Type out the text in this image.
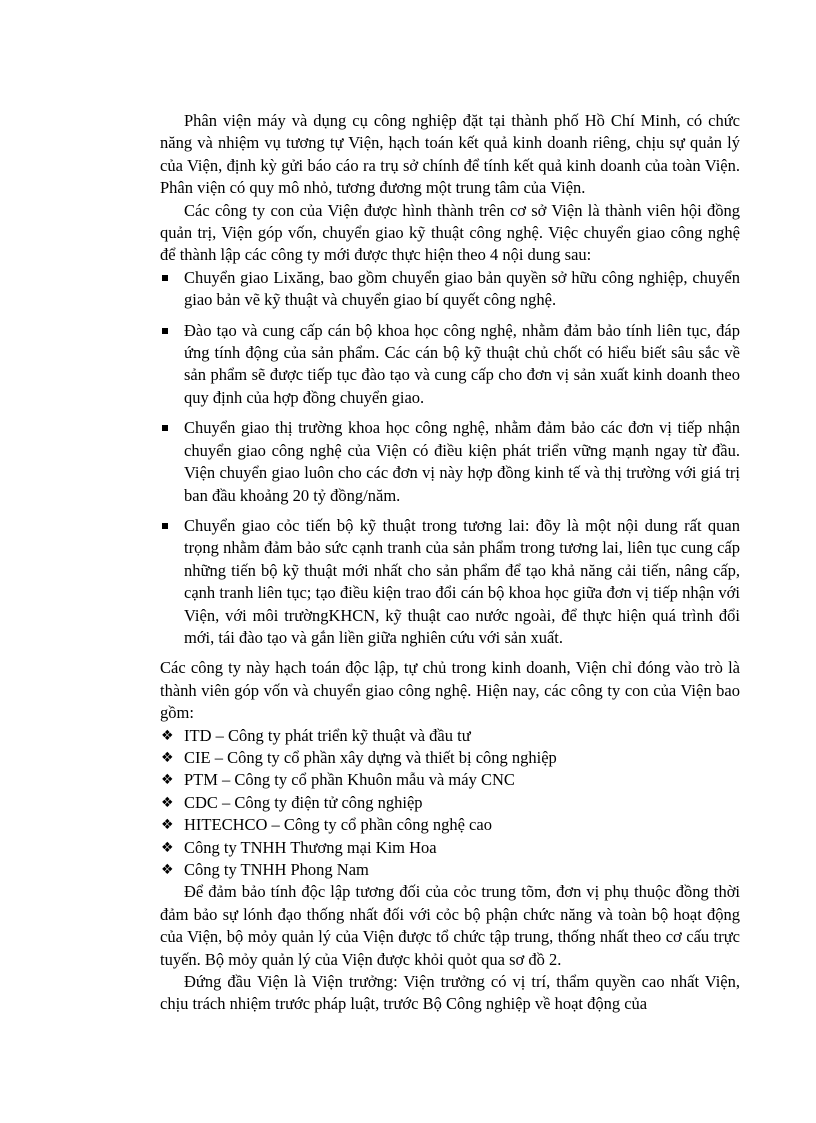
Phân viện máy và dụng cụ công nghiệp đặt tại thành phố Hồ Chí Minh, có chức năng và nhiệm vụ tương tự Viện, hạch toán kết quả kinh doanh riêng, chịu sự quản lý của Viện, định kỳ gửi báo cáo ra trụ sở chính để tính kết quả kinh doanh của toàn Viện. Phân viện có quy mô nhỏ, tương đương một trung tâm của Viện.

Các công ty con của Viện được hình thành trên cơ sở Viện là thành viên hội đồng quản trị, Viện góp vốn, chuyển giao kỹ thuật công nghệ. Việc chuyển giao công nghệ để thành lập các công ty mới được thực hiện theo 4 nội dung sau:

Chuyển giao Lixăng, bao gồm chuyển giao bản quyền sở hữu công nghiệp, chuyển giao bản vẽ kỹ thuật và chuyển giao bí quyết công nghệ.
Đào tạo và cung cấp cán bộ khoa học công nghệ, nhằm đảm bảo tính liên tục, đáp ứng tính động của sản phẩm. Các cán bộ kỹ thuật chủ chốt có hiểu biết sâu sắc về sản phẩm sẽ được tiếp tục đào tạo và cung cấp cho đơn vị sản xuất kinh doanh theo quy định của hợp đồng chuyển giao.
Chuyển giao thị trường khoa học công nghệ, nhằm đảm bảo các đơn vị tiếp nhận chuyển giao công nghệ của Viện có điều kiện phát triển vững mạnh ngay từ đầu. Viện chuyển giao luôn cho các đơn vị này hợp đồng kinh tế và thị trường với giá trị ban đầu khoảng 20 tỷ đồng/năm.
Chuyển giao cỏc tiến bộ kỹ thuật trong tương lai: đõy là một nội dung rất quan trọng nhằm đảm bảo sức cạnh tranh của sản phẩm trong tương lai, liên tục cung cấp những tiến bộ kỹ thuật mới nhất cho sản phẩm để tạo khả năng cải tiến, nâng cấp, cạnh tranh liên tục; tạo điều kiện trao đổi cán bộ khoa học giữa đơn vị tiếp nhận với Viện, với môi trườngKHCN, kỹ thuật cao nước ngoài, để thực hiện quá trình đổi mới, tái đào tạo và gắn liền giữa nghiên cứu với sản xuất.

Các công ty này hạch toán độc lập, tự chủ trong kinh doanh, Viện chỉ đóng vào trò là thành viên góp vốn và chuyển giao công nghệ. Hiện nay, các công ty con của Viện bao gồm:

❖ ITD – Công ty phát triển kỹ thuật và đầu tư
❖ CIE – Công ty cổ phần xây dựng và thiết bị công nghiệp
❖ PTM – Công ty cổ phần Khuôn mẫu và máy CNC
❖ CDC – Công ty điện tử công nghiệp
❖ HITECHCO – Công ty cổ phần công nghệ cao
❖ Công ty TNHH Thương mại Kim Hoa
❖ Công ty TNHH Phong Nam

Để đảm bảo tính độc lập tương đối của cỏc trung tõm, đơn vị phụ thuộc đồng thời đảm bảo sự lónh đạo thống nhất đối với cỏc bộ phận chức năng và toàn bộ hoạt động của Viện, bộ mỏy quản lý của Viện được tổ chức tập trung, thống nhất theo cơ cấu trực tuyến. Bộ mỏy quản lý của Viện được khỏi quỏt qua sơ đồ 2.

Đứng đầu Viện là Viện trưởng: Viện trưởng có vị trí, thẩm quyền cao nhất Viện, chịu trách nhiệm trước pháp luật, trước Bộ Công nghiệp về hoạt động của
